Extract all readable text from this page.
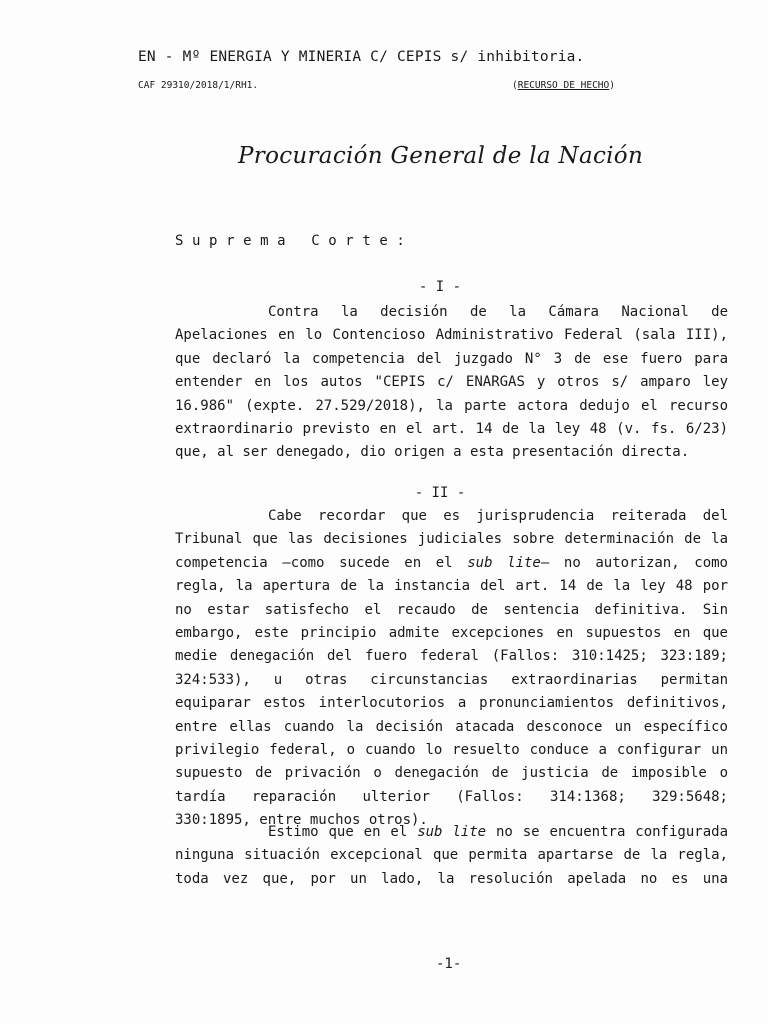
EN - Mº ENERGIA Y MINERIA C/ CEPIS s/ inhibitoria.
CAF 29310/2018/1/RH1.	(RECURSO DE HECHO)
Procuración General de la Nación
Suprema Corte:
- I -
Contra la decisión de la Cámara Nacional de
Apelaciones en lo Contencioso Administrativo Federal (sala III),
que declaró la competencia del juzgado N° 3 de ese fuero para
entender en los autos "CEPIS c/ ENARGAS y otros s/ amparo ley
16.986" (expte. 27.529/2018), la parte actora dedujo el recurso
extraordinario previsto en el art. 14 de la ley 48 (v. fs. 6/23)
que, al ser denegado, dio origen a esta presentación directa.
- II -
Cabe recordar que es jurisprudencia reiterada del
Tribunal que las decisiones judiciales sobre determinación de la
competencia —como sucede en el sub lite— no autorizan, como
regla, la apertura de la instancia del art. 14 de la ley 48 por
no estar satisfecho el recaudo de sentencia definitiva. Sin
embargo, este principio admite excepciones en supuestos en que
medie denegación del fuero federal (Fallos: 310:1425; 323:189;
324:533), u otras circunstancias extraordinarias permitan
equiparar estos interlocutorios a pronunciamientos definitivos,
entre ellas cuando la decisión atacada desconoce un específico
privilegio federal, o cuando lo resuelto conduce a configurar un
supuesto de privación o denegación de justicia de imposible o
tardía reparación ulterior (Fallos: 314:1368; 329:5648;
330:1895, entre muchos otros).
Estimo que en el sub lite no se encuentra configurada
ninguna situación excepcional que permita apartarse de la regla,
toda vez que, por un lado, la resolución apelada no es una
-1-
